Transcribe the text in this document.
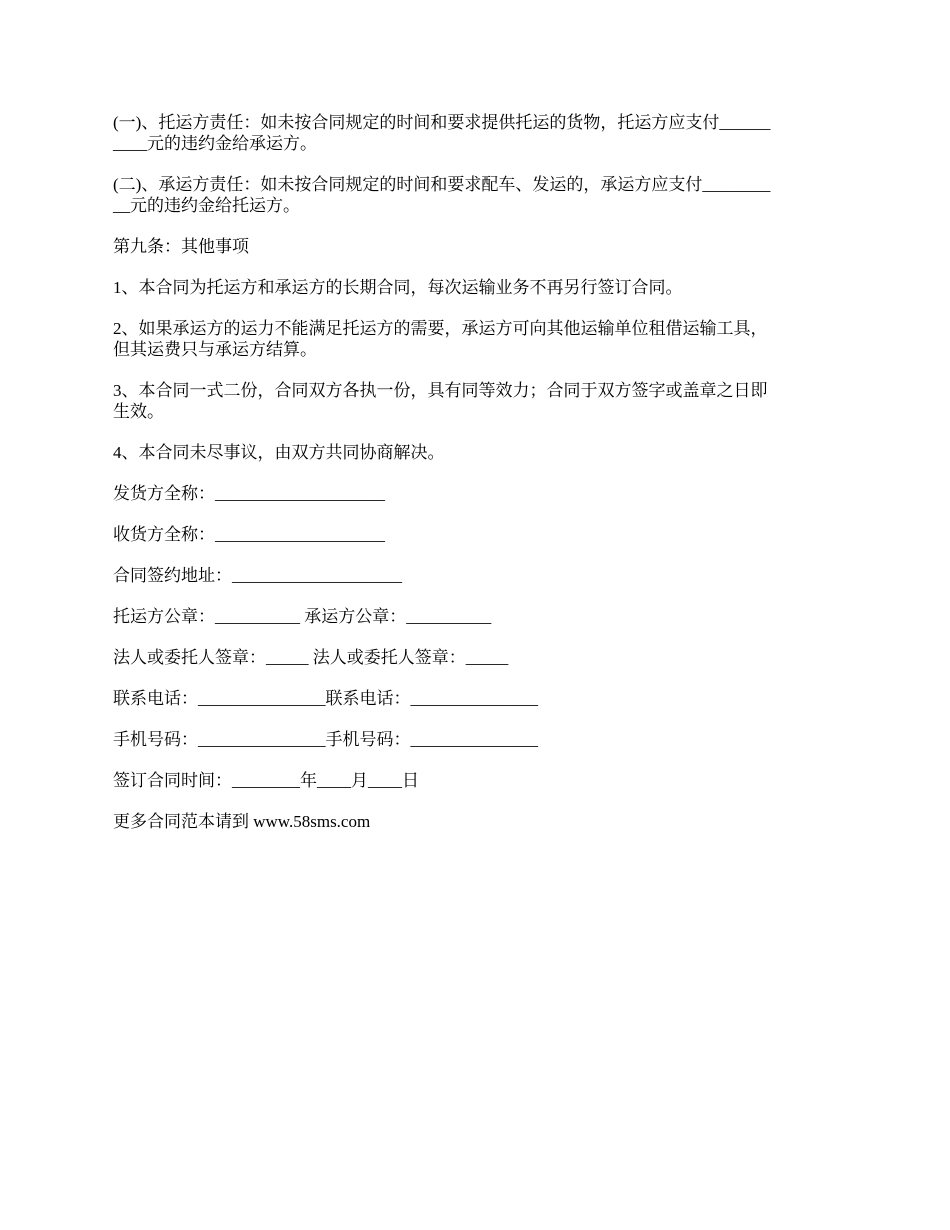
(一)、托运方责任：如未按合同规定的时间和要求提供托运的货物，托运方应支付______
____元的违约金给承运方。

(二)、承运方责任：如未按合同规定的时间和要求配车、发运的，承运方应支付________
__元的违约金给托运方。

第九条：其他事项

1、本合同为托运方和承运方的长期合同，每次运输业务不再另行签订合同。

2、如果承运方的运力不能满足托运方的需要，承运方可向其他运输单位租借运输工具，
但其运费只与承运方结算。

3、本合同一式二份，合同双方各执一份，具有同等效力；合同于双方签字或盖章之日即
生效。

4、本合同未尽事议，由双方共同协商解决。

发货方全称：____________________

收货方全称：____________________

合同签约地址：____________________

托运方公章：__________ 承运方公章：__________

法人或委托人签章：_____ 法人或委托人签章：_____

联系电话：_______________联系电话：_______________

手机号码：_______________手机号码：_______________

签订合同时间：________年____月____日

更多合同范本请到 www.58sms.com
